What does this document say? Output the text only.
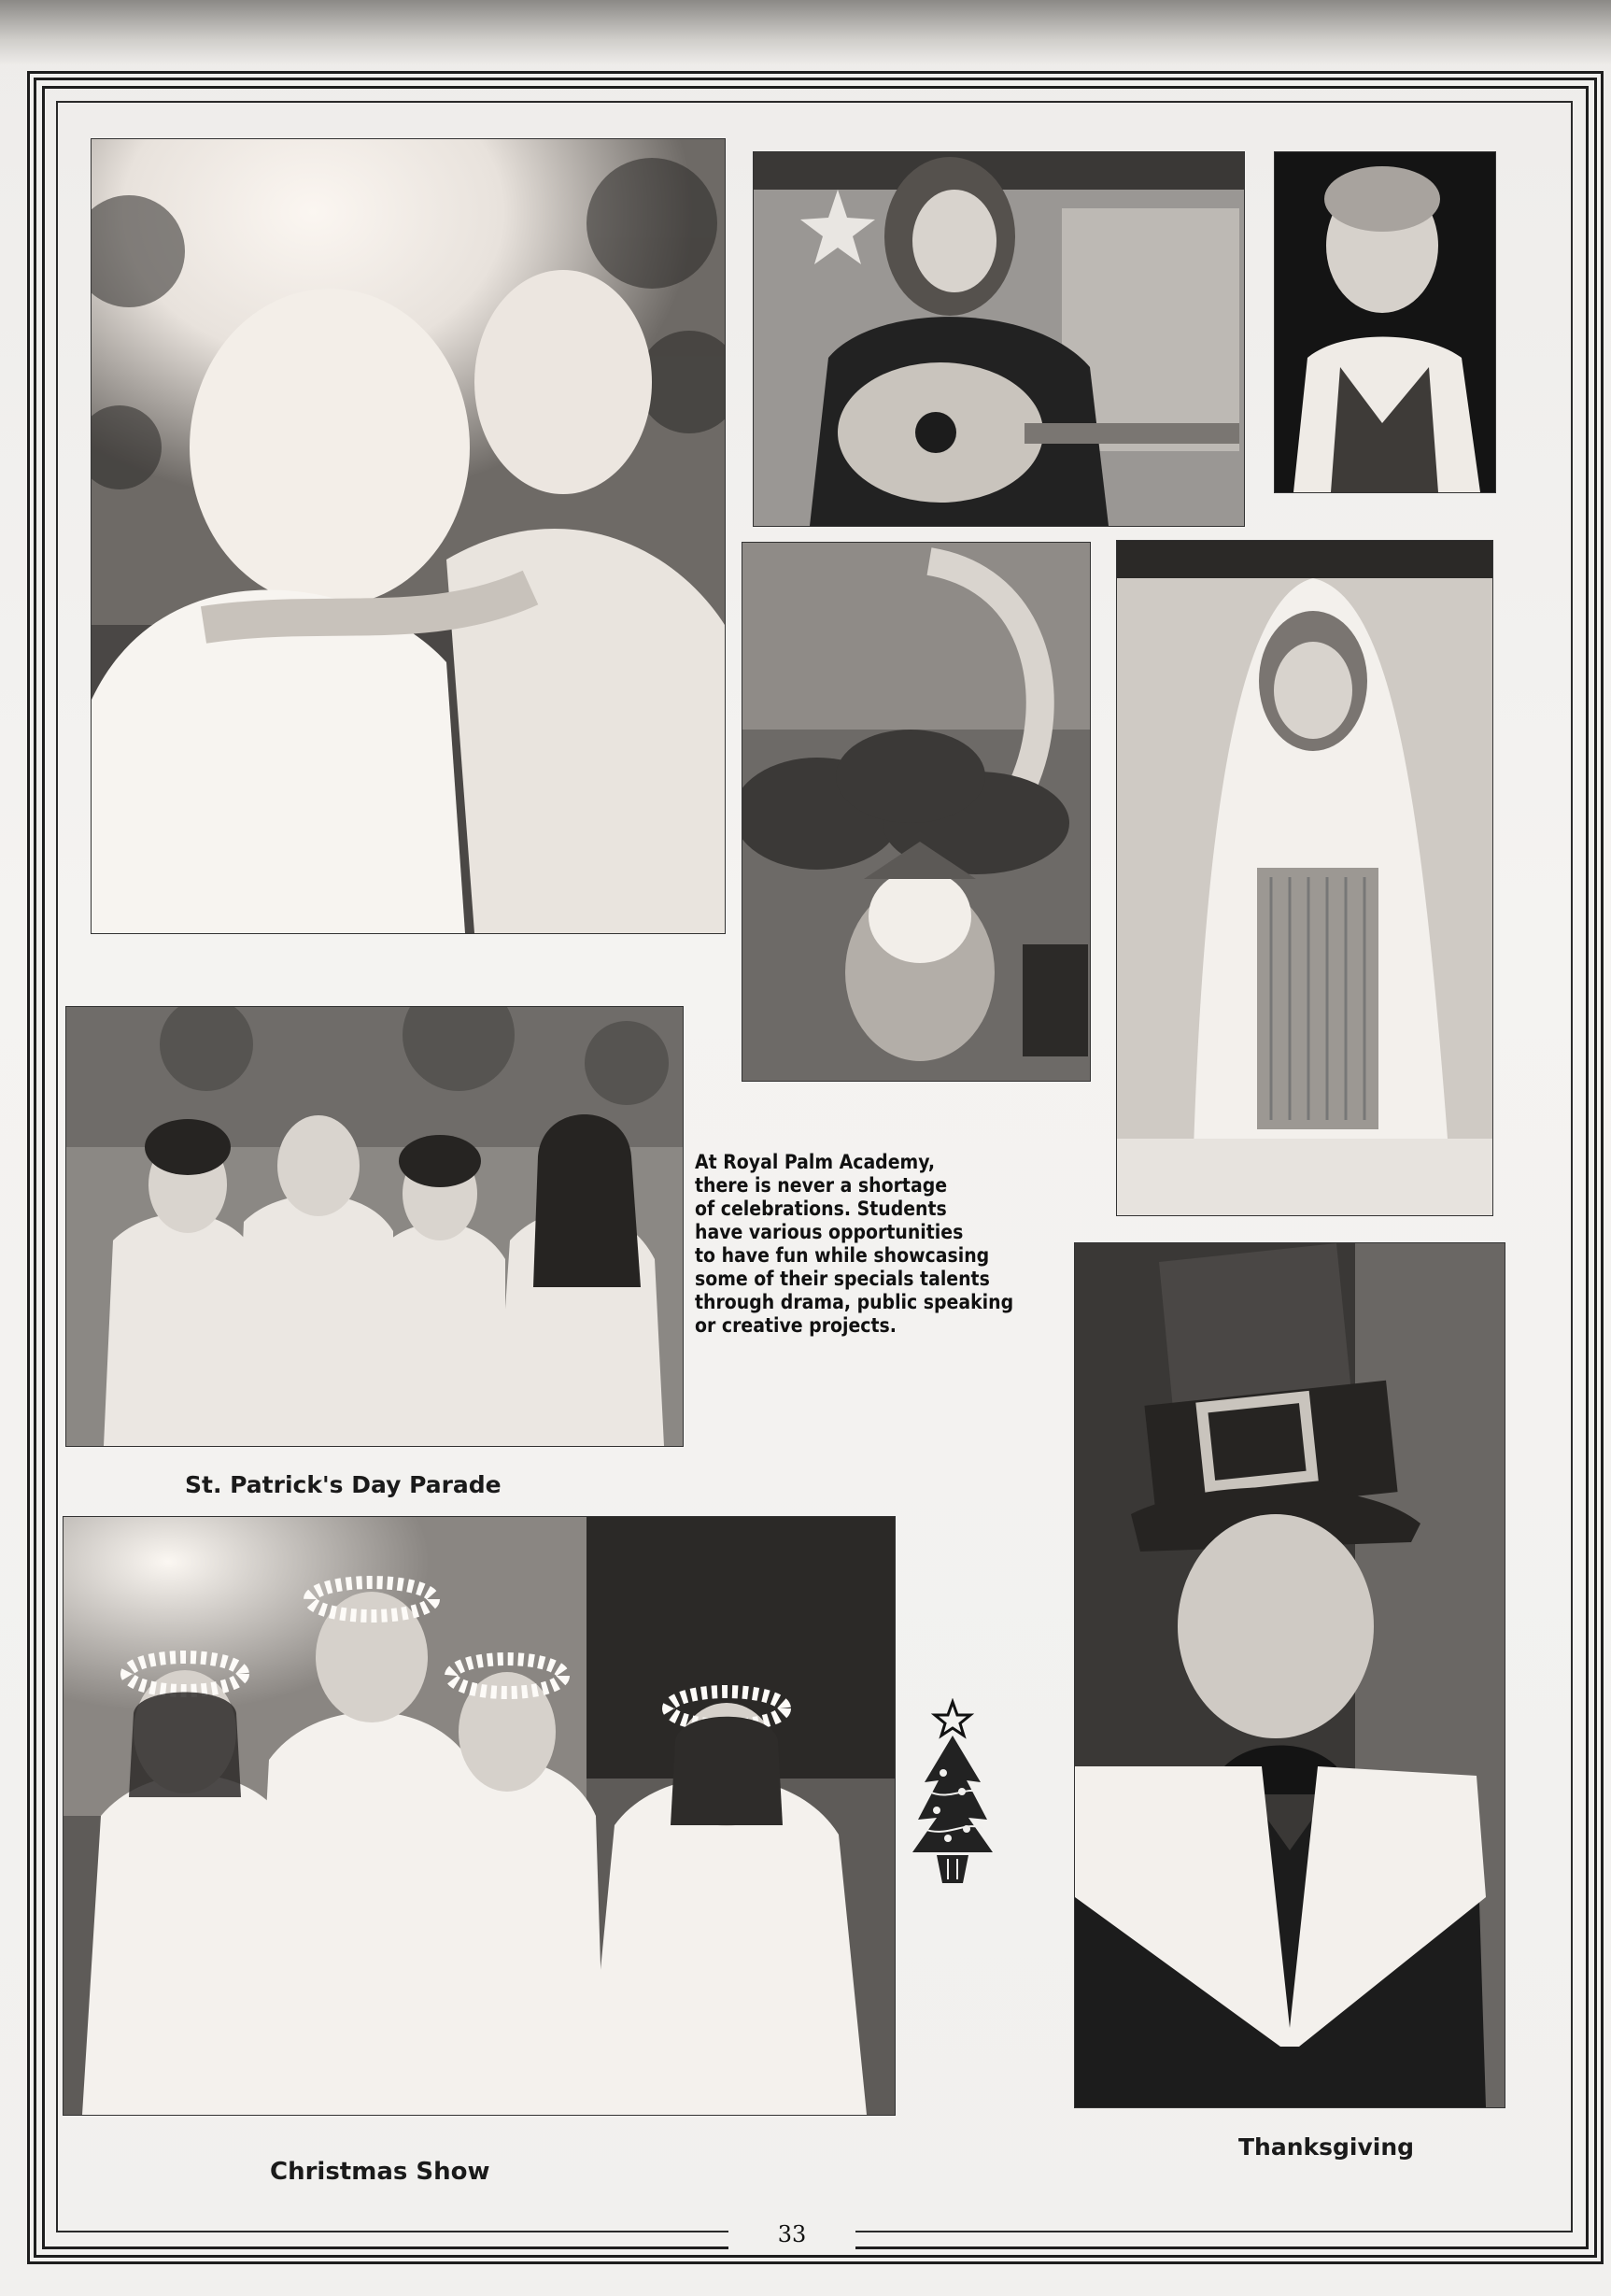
At Royal Palm Academy,
there is never a shortage
of celebrations. Students
have various opportunities
to have fun while showcasing
some of their specials talents
through drama, public speaking
or creative projects.
St. Patrick's Day Parade
Christmas Show
Thanksgiving
33
